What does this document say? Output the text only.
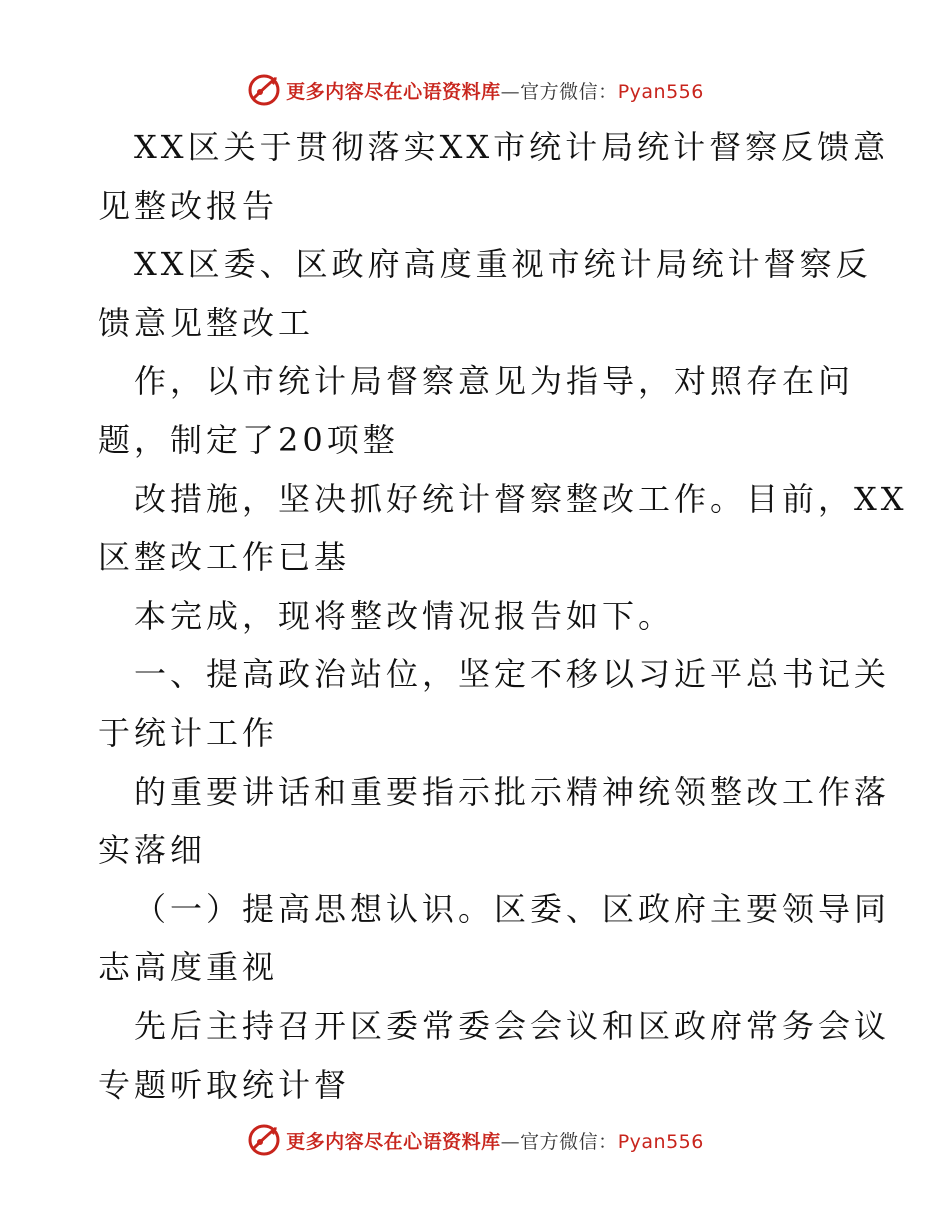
更多内容尽在心语资料库—官方微信：Pyan556
XX区关于贯彻落实XX市统计局统计督察反馈意
见整改报告
XX区委、区政府高度重视市统计局统计督察反
馈意见整改工
作，以市统计局督察意见为指导，对照存在问
题，制定了20项整
改措施，坚决抓好统计督察整改工作。目前，XX
区整改工作已基
本完成，现将整改情况报告如下。
一、提高政治站位，坚定不移以习近平总书记关
于统计工作
的重要讲话和重要指示批示精神统领整改工作落
实落细
（一）提高思想认识。区委、区政府主要领导同
志高度重视
先后主持召开区委常委会会议和区政府常务会议
专题听取统计督
更多内容尽在心语资料库—官方微信：Pyan556
